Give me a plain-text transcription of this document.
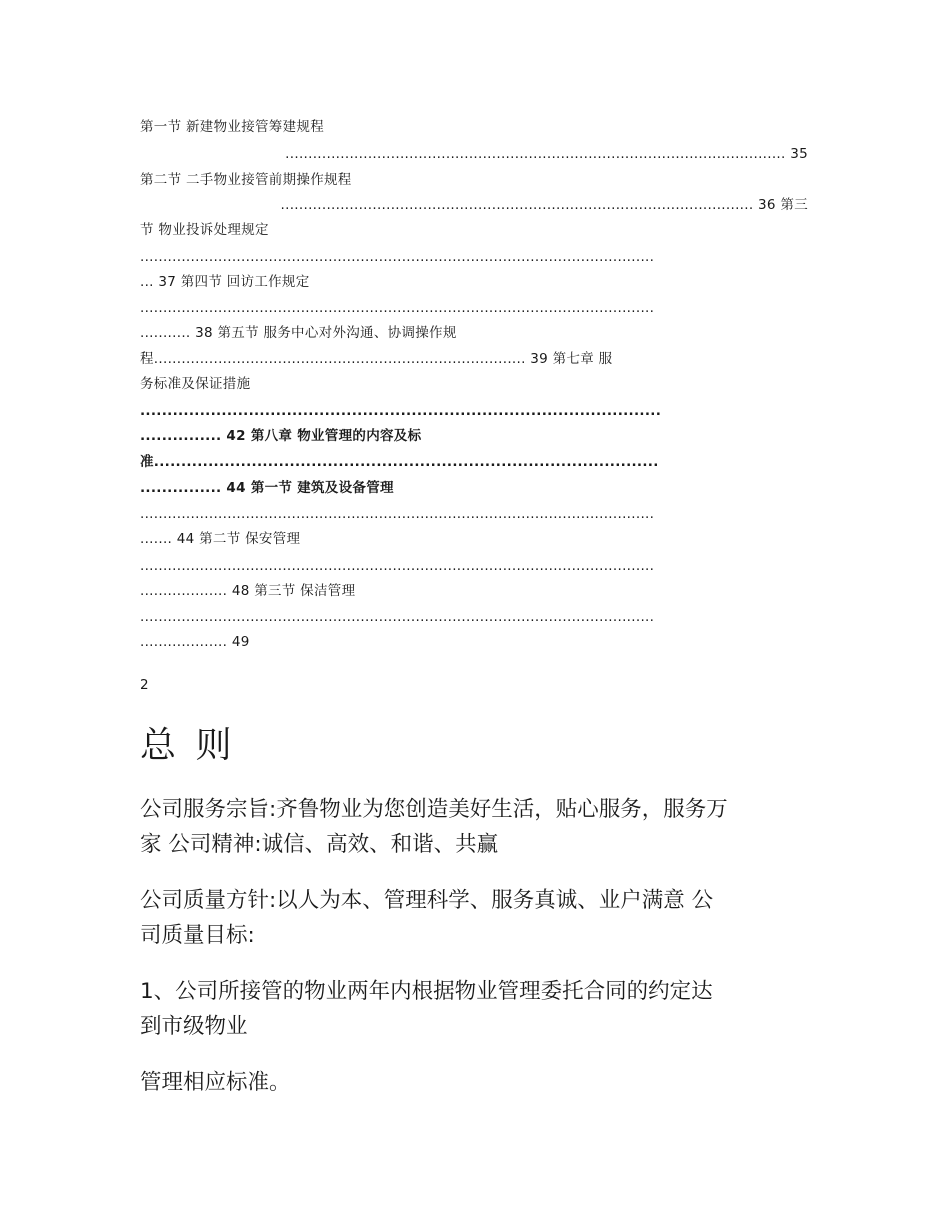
第一节 新建物业接管筹建规程
............................................................................................................. 35
第二节 二手物业接管前期操作规程
....................................................................................................... 36 第三
节 物业投诉处理规定
................................................................................................................
... 37 第四节 回访工作规定
................................................................................................................
........... 38 第五节 服务中心对外沟通、协调操作规
程................................................................................. 39 第七章 服
务标准及保证措施
................................................................................................
............... 42 第八章 物业管理的内容及标
准.............................................................................................
............... 44 第一节 建筑及设备管理
................................................................................................................
....... 44 第二节 保安管理
................................................................................................................
................... 48 第三节 保洁管理
................................................................................................................
................... 49
2
总 则
公司服务宗旨:齐鲁物业为您创造美好生活，贴心服务，服务万
家 公司精神:诚信、高效、和谐、共赢
公司质量方针:以人为本、管理科学、服务真诚、业户满意 公
司质量目标:
1、公司所接管的物业两年内根据物业管理委托合同的约定达
到市级物业
管理相应标准。
